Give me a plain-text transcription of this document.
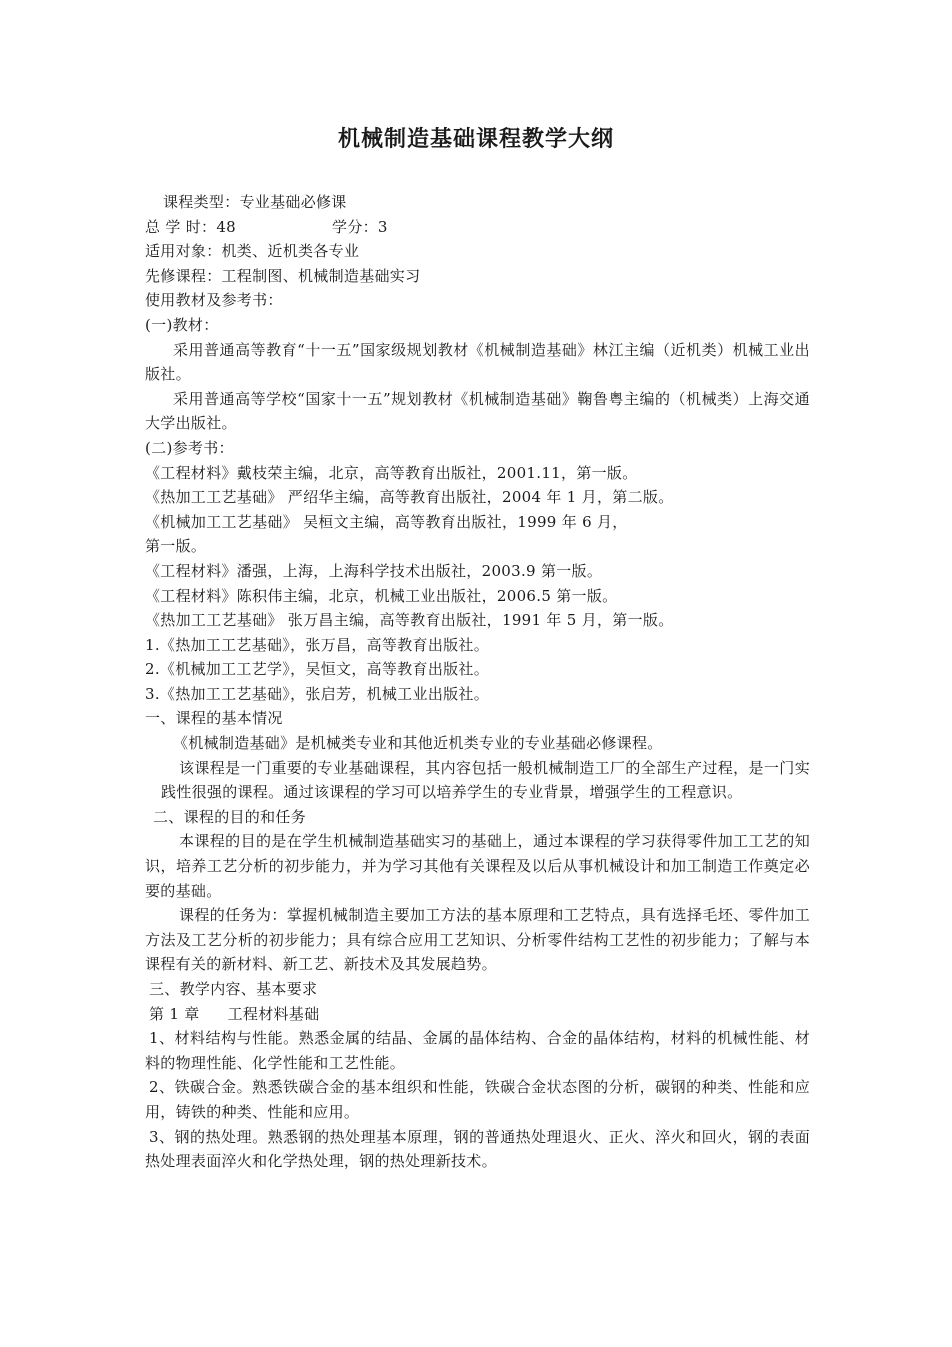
机械制造基础课程教学大纲

课程类型：专业基础必修课

总 学 时：48	学分：3

适用对象：机类、近机类各专业

先修课程：工程制图、机械制造基础实习

使用教材及参考书：

(一)教材：

采用普通高等教育“十一五”国家级规划教材《机械制造基础》林江主编（近机类）机械工业出版社。

采用普通高等学校“国家十一五”规划教材《机械制造基础》鞠鲁粤主编的（机械类）上海交通大学出版社。

(二)参考书：

《工程材料》戴枝荣主编，北京，高等教育出版社，2001.11，第一版。

《热加工工艺基础》 严绍华主编，高等教育出版社，2004 年 1 月，第二版。

《机械加工工艺基础》 吴桓文主编，高等教育出版社，1999 年 6 月，

第一版。

《工程材料》潘强，上海，上海科学技术出版社，2003.9 第一版。

《工程材料》陈积伟主编，北京，机械工业出版社，2006.5 第一版。

《热加工工艺基础》 张万昌主编，高等教育出版社，1991 年 5 月，第一版。

1.《热加工工艺基础》，张万昌，高等教育出版社。

2.《机械加工工艺学》，吴恒文，高等教育出版社。

3.《热加工工艺基础》，张启芳，机械工业出版社。

一、课程的基本情况

《机械制造基础》是机械类专业和其他近机类专业的专业基础必修课程。

该课程是一门重要的专业基础课程，其内容包括一般机械制造工厂的全部生产过程，是一门实践性很强的课程。通过该课程的学习可以培养学生的专业背景，增强学生的工程意识。

二、课程的目的和任务

本课程的目的是在学生机械制造基础实习的基础上，通过本课程的学习获得零件加工工艺的知识，培养工艺分析的初步能力，并为学习其他有关课程及以后从事机械设计和加工制造工作奠定必要的基础。

课程的任务为：掌握机械制造主要加工方法的基本原理和工艺特点，具有选择毛坯、零件加工方法及工艺分析的初步能力；具有综合应用工艺知识、分析零件结构工艺性的初步能力；了解与本课程有关的新材料、新工艺、新技术及其发展趋势。

三、教学内容、基本要求

第 1 章 工程材料基础

1、材料结构与性能。熟悉金属的结晶、金属的晶体结构、合金的晶体结构，材料的机械性能、材料的物理性能、化学性能和工艺性能。

2、铁碳合金。熟悉铁碳合金的基本组织和性能，铁碳合金状态图的分析，碳钢的种类、性能和应用，铸铁的种类、性能和应用。

3、钢的热处理。熟悉钢的热处理基本原理，钢的普通热处理退火、正火、淬火和回火，钢的表面热处理表面淬火和化学热处理，钢的热处理新技术。
